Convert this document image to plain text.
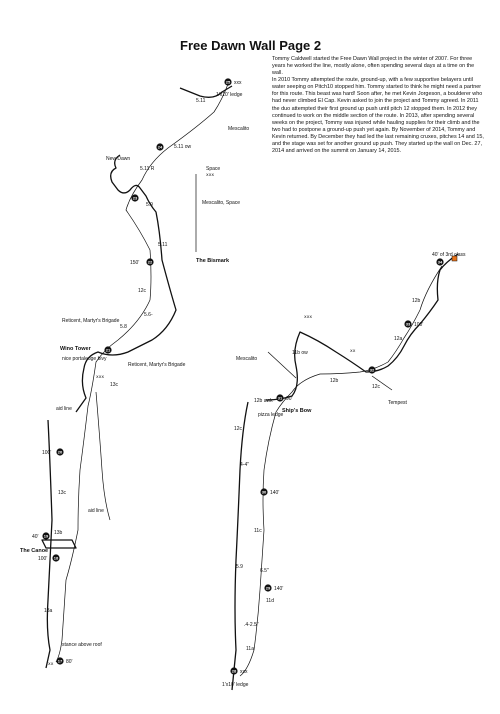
Free Dawn Wall Page 2

Tommy Caldwell started the Free Dawn Wall project in the winter of 2007. For three years he worked the line, mostly alone, often spending several days at a time on the wall.

In 2010 Tommy attempted the route, ground-up, with a few supportive belayers until water seeping on Pitch10 stopped him. Tommy started to think he might need a partner for this route. This beast was hard! Soon after, he met Kevin Jorgeson, a boulderer who had never climbed El Cap. Kevin asked to join the project and Tommy agreed. In 2011 the duo attempted their first ground up push until pitch 12 stopped them. In 2012 they continued to work on the middle section of the route. In 2013, after spending several weeks on the project, Tommy was injured while hauling supplies for their climb and the two had to postpone a ground-up push yet again. By November of 2014, Tommy and Kevin returned. By December they had led the last remaining cruxes, pitches 14 and 15, and the stage was set for another ground up push. They started up the wall on Dec. 27, 2014 and arrived on the summit on January 14, 2015.

25 xxx
24
23
22
150'
21
20
100'
19
40'
18
100'
17 80'
xx
xxx
xxx
5.11
5.11 ow
5.11 R
5.9
5.11
12c
5.6-
5.8
13c
13c
13b
13a
1'x10' ledge
Mescalito
New Dawn
Space
Mescalito, Space
The Bismark
Reticent, Martyr's Brigade
Reticent, Martyr's Brigade
Wino Tower
nice portaledge bivy
aid line
aid line
The Canoe
stance above roof
34
40' of 3rd class
33 100'
32
31 90'
30 140'
29 140'
28 xxx
12b
12a
11b ow
12b
12c
12b awk
12c
4-4"
11c
5.9
6.5"
11d
.4-2.5"
11a
Mescalito
Tempest
pizza ledge
Ship's Bow
1'x10' ledge
xxx
xx
